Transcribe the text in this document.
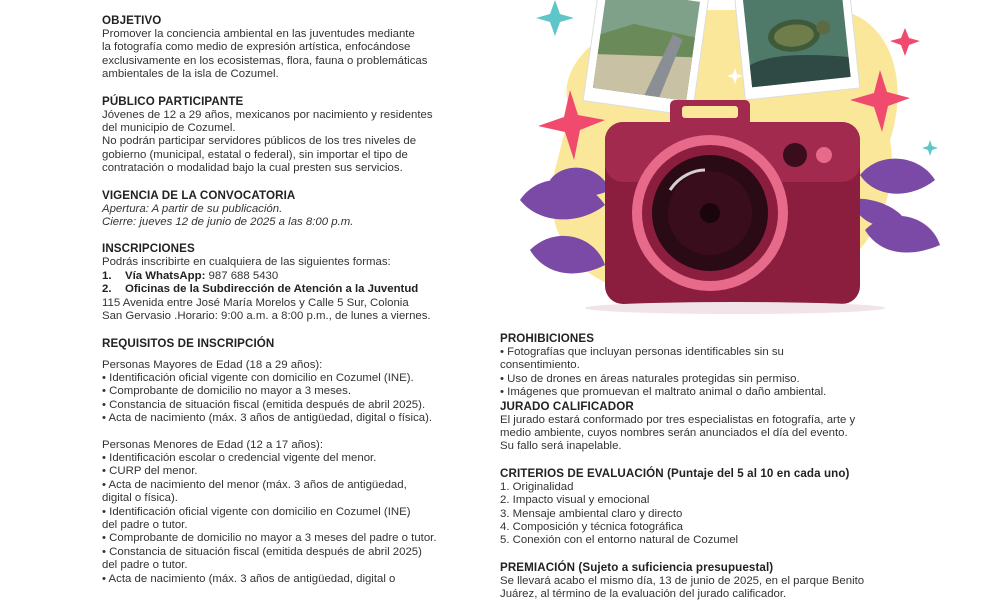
OBJETIVO

Promover la conciencia ambiental en las juventudes mediante

la fotografía como medio de expresión artística, enfocándose

exclusivamente en los ecosistemas, flora, fauna o problemáticas

ambientales de la isla de Cozumel.

PÚBLICO PARTICIPANTE

Jóvenes de 12 a 29 años, mexicanos por nacimiento y residentes

del municipio de Cozumel.

No podrán participar servidores públicos de los tres niveles de

gobierno (municipal, estatal o federal), sin importar el tipo de

contratación o modalidad bajo la cual presten sus servicios.

VIGENCIA DE LA CONVOCATORIA

Apertura: A partir de su publicación.

Cierre: jueves 12 de junio de 2025 a las 8:00 p.m.

INSCRIPCIONES

Podrás inscribirte en cualquiera de las siguientes formas:

1.	Vía WhatsApp: 987 688 5430
2.	Oficinas de la Subdirección de Atención a la Juventud

115 Avenida entre José María Morelos y Calle 5 Sur, Colonia

San Gervasio .Horario: 9:00 a.m. a 8:00 p.m., de lunes a viernes.

REQUISITOS DE INSCRIPCIÓN

Personas Mayores de Edad (18 a 29 años):

• Identificación oficial vigente con domicilio en Cozumel (INE).

• Comprobante de domicilio no mayor a 3 meses.

• Constancia de situación fiscal (emitida después de abril 2025).

• Acta de nacimiento (máx. 3 años de antigüedad, digital o física).

Personas Menores de Edad (12 a 17 años):

• Identificación escolar o credencial vigente del menor.

• CURP del menor.

• Acta de nacimiento del menor (máx. 3 años de antigüedad,

digital o física).

• Identificación oficial vigente con domicilio en Cozumel (INE)

del padre o tutor.

• Comprobante de domicilio no mayor a 3 meses del padre o tutor.

• Constancia de situación fiscal (emitida después de abril 2025)

del padre o tutor.

• Acta de nacimiento (máx. 3 años de antigüedad, digital o

PROHIBICIONES

• Fotografías que incluyan personas identificables sin su

consentimiento.

• Uso de drones en áreas naturales protegidas sin permiso.

• Imágenes que promuevan el maltrato animal o daño ambiental.

JURADO CALIFICADOR

El jurado estará conformado por tres especialistas en fotografía, arte y

medio ambiente, cuyos nombres serán anunciados el día del evento.

Su fallo será inapelable.

CRITERIOS DE EVALUACIÓN (Puntaje del 5 al 10 en cada uno)

1. Originalidad

2. Impacto visual y emocional

3. Mensaje ambiental claro y directo

4. Composición y técnica fotográfica

5. Conexión con el entorno natural de Cozumel

PREMIACIÓN (Sujeto a suficiencia presupuestal)

Se llevará acabo el mismo día, 13 de junio de 2025, en el parque Benito

Juárez, al término de la evaluación del jurado calificador.
